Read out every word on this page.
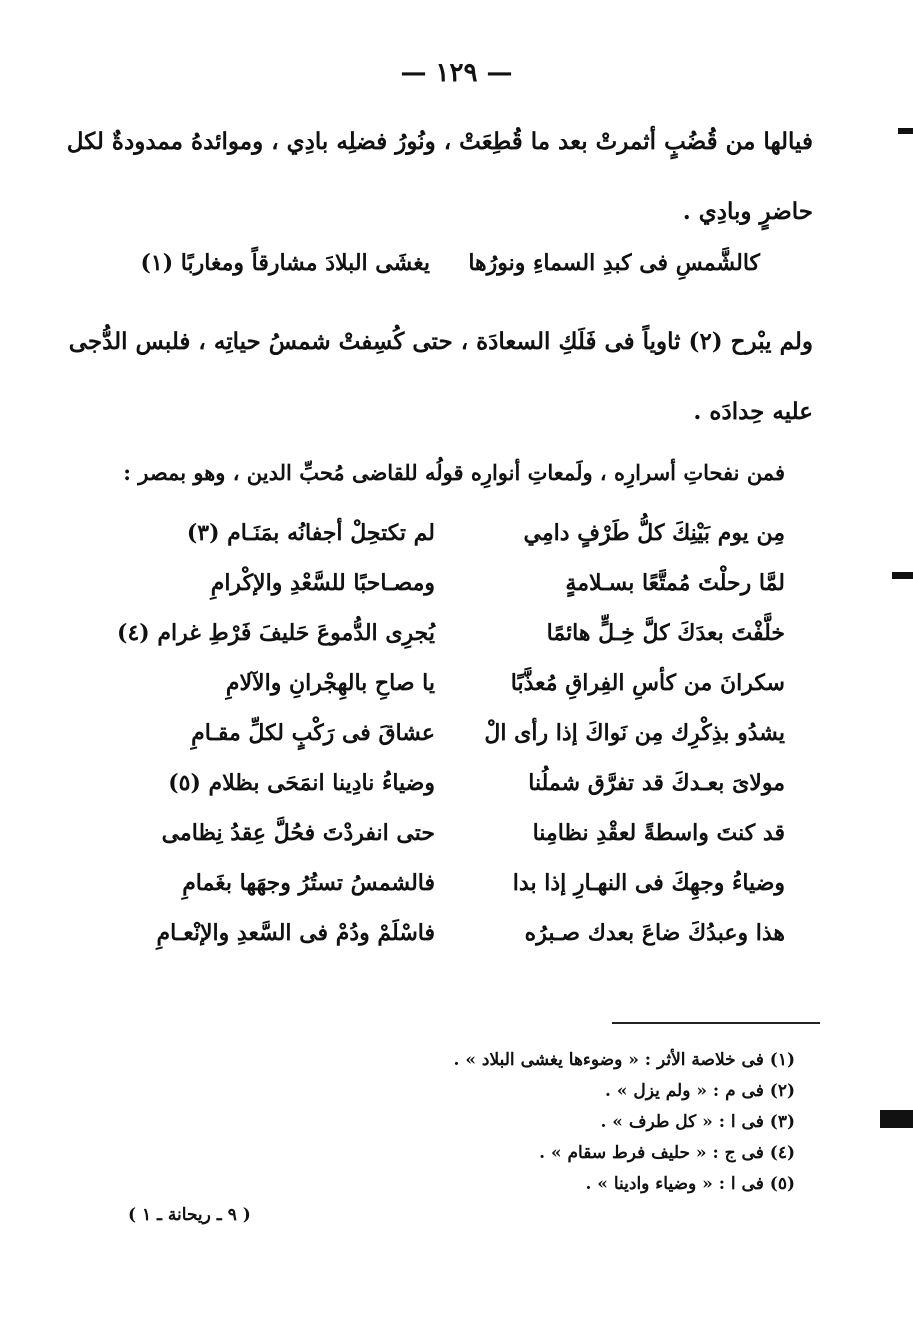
— ١٢٩ —
فيالها من قُضُبٍ أثمرتْ بعد ما قُطِعَتْ ، ونُورُ فضلِه بادِي ، وموائدهُ ممدودةٌ لكل
حاضرٍ وبادِي .
كالشَّمسِ فى كبدِ السماءِ ونورُها
يغشَى البلادَ مشارقاً ومغاربًا (١)
ولم يبْرح (٢) ثاوياً فى فَلَكِ السعادَة ، حتى كُسِفتْ شمسُ حياتِه ، فلبس الدُّجى
عليه حِدادَه .
فمن نفحاتِ أسرارِه ، ولَمعاتِ أنوارِه قولُه للقاضى مُحبِّ الدين ، وهو بمصر :
مِن يوم بَيْنِكَ كلُّ طَرْفٍ دامِي
لم تكتحِلْ أجفانُه بمَنَـام (٣)
لمَّا رحلْتَ مُمتَّعًا بسـلامةٍ
ومصـاحبًا للسَّعْدِ والإكْرامِ
خلَّفْتَ بعدَكَ كلَّ خِـلٍّ هائمًا
يُجرِى الدُّموعَ حَليفَ فَرْطِ غرام (٤)
سكرانَ من كأسِ الفِراقِ مُعذَّبًا
يا صاحِ بالهِجْرانِ والآلامِ
يشدُو بذِكْرِك مِن نَواكَ إذا رأى الْ
عشاقَ فى رَكْبٍ لكلِّ مقـامِ
مولاىَ بعـدكَ قد تفرَّق شملُنا
وضياءُ نادِينا انمَحَى بظلام (٥)
قد كنتَ واسطةً لعقْدِ نظامِنا
حتى انفردْتَ فحُلَّ عِقدُ نِظامى
وضياءُ وجهِكَ فى النهـارِ إذا بدا
فالشمسُ تستُرُ وجهَها بغَمامِ
هذا وعبدُكَ ضاعَ بعدك صـبرُه
فاسْلَمْ ودُمْ فى السَّعدِ والإنْعـامِ
(١) فى خلاصة الأثر : « وضوءها يغشى البلاد » .
(٢) فى م : « ولم يزل » .
(٣) فى ا : « كل طرف » .
(٤) فى ج : « حليف فرط سقام » .
(٥) فى ا : « وضياء وادينا » .
( ٩ ـ ريحانة ـ ١ )
